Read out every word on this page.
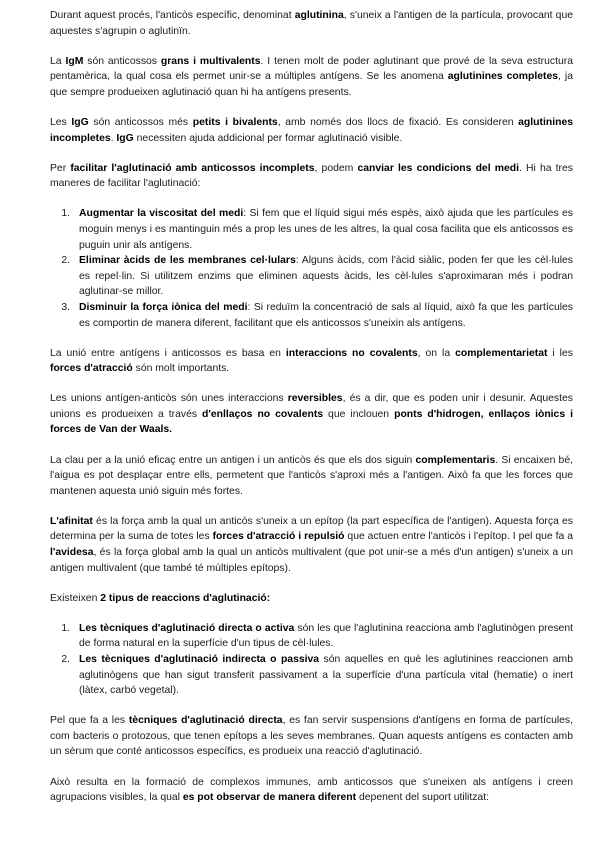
Durant aquest procés, l'anticòs específic, denominat aglutinina, s'uneix a l'antigen de la partícula, provocant que aquestes s'agrupin o aglutinïn.

La IgM són anticossos grans i multivalents. I tenen molt de poder aglutinant que prové de la seva estructura pentamèrica, la qual cosa els permet unir-se a múltiples antígens. Se les anomena aglutinines completes, ja que sempre produeixen aglutinació quan hi ha antígens presents.

Les IgG són anticossos més petits i bivalents, amb només dos llocs de fixació. Es consideren aglutinines incompletes. IgG necessiten ajuda addicional per formar aglutinació visible.

Per facilitar l'aglutinació amb anticossos incomplets, podem canviar les condicions del medi. Hi ha tres maneres de facilitar l'aglutinació:

1. Augmentar la viscositat del medi: Si fem que el líquid sigui més espès, això ajuda que les partícules es moguin menys i es mantinguin més a prop les unes de les altres, la qual cosa facilita que els anticossos es puguin unir als antígens.
2. Eliminar àcids de les membranes cel·lulars: Alguns àcids, com l'àcid siàlic, poden fer que les cèl·lules es repel·lin. Si utilitzem enzims que eliminen aquests àcids, les cèl·lules s'aproximaran més i podran aglutinar-se millor.
3. Disminuir la força iònica del medi: Si reduïm la concentració de sals al líquid, això fa que les partícules es comportin de manera diferent, facilitant que els anticossos s'uneixin als antígens.

La unió entre antígens i anticossos es basa en interaccions no covalents, on la complementarietat i les forces d'atracció són molt importants.

Les unions antígen-anticòs són unes interaccions reversibles, és a dir, que es poden unir i desunir. Aquestes unions es produeixen a través d'enllaços no covalents que inclouen ponts d'hidrogen, enllaços iònics i forces de Van der Waals.

La clau per a la unió eficaç entre un antigen i un anticòs és que els dos siguin complementaris. Si encaixen bé, l'aigua es pot desplaçar entre ells, permetent que l'anticòs s'aproxi més a l'antigen. Això fa que les forces que mantenen aquesta unió siguin més fortes.

L'afinitat és la força amb la qual un anticòs s'uneix a un epítop (la part específica de l'antigen). Aquesta força es determina per la suma de totes les forces d'atracció i repulsió que actuen entre l'anticòs i l'epítop. I pel que fa a l'avidesa, és la força global amb la qual un anticòs multivalent (que pot unir-se a més d'un antigen) s'uneix a un antigen multivalent (que també té múltiples epítops).

Existeixen 2 tipus de reaccions d'aglutinació:

1. Les tècniques d'aglutinació directa o activa són les que l'aglutinina reacciona amb l'aglutinògen present de forma natural en la superfície d'un tipus de cèl·lules.
2. Les tècniques d'aglutinació indirecta o passiva són aquelles en què les aglutinines reaccionen amb aglutinògens que han sigut transferit passivament a la superfície d'una partícula vital (hematie) o inert (làtex, carbó vegetal).

Pel que fa a les tècniques d'aglutinació directa, es fan servir suspensions d'antígens en forma de partícules, com bacteris o protozous, que tenen epítops a les seves membranes. Quan aquests antígens es contacten amb un sèrum que conté anticossos específics, es produeix una reacció d'aglutinació.

Això resulta en la formació de complexos immunes, amb anticossos que s'uneixen als antígens i creen agrupacions visibles, la qual es pot observar de manera diferent depenent del suport utilitzat:
